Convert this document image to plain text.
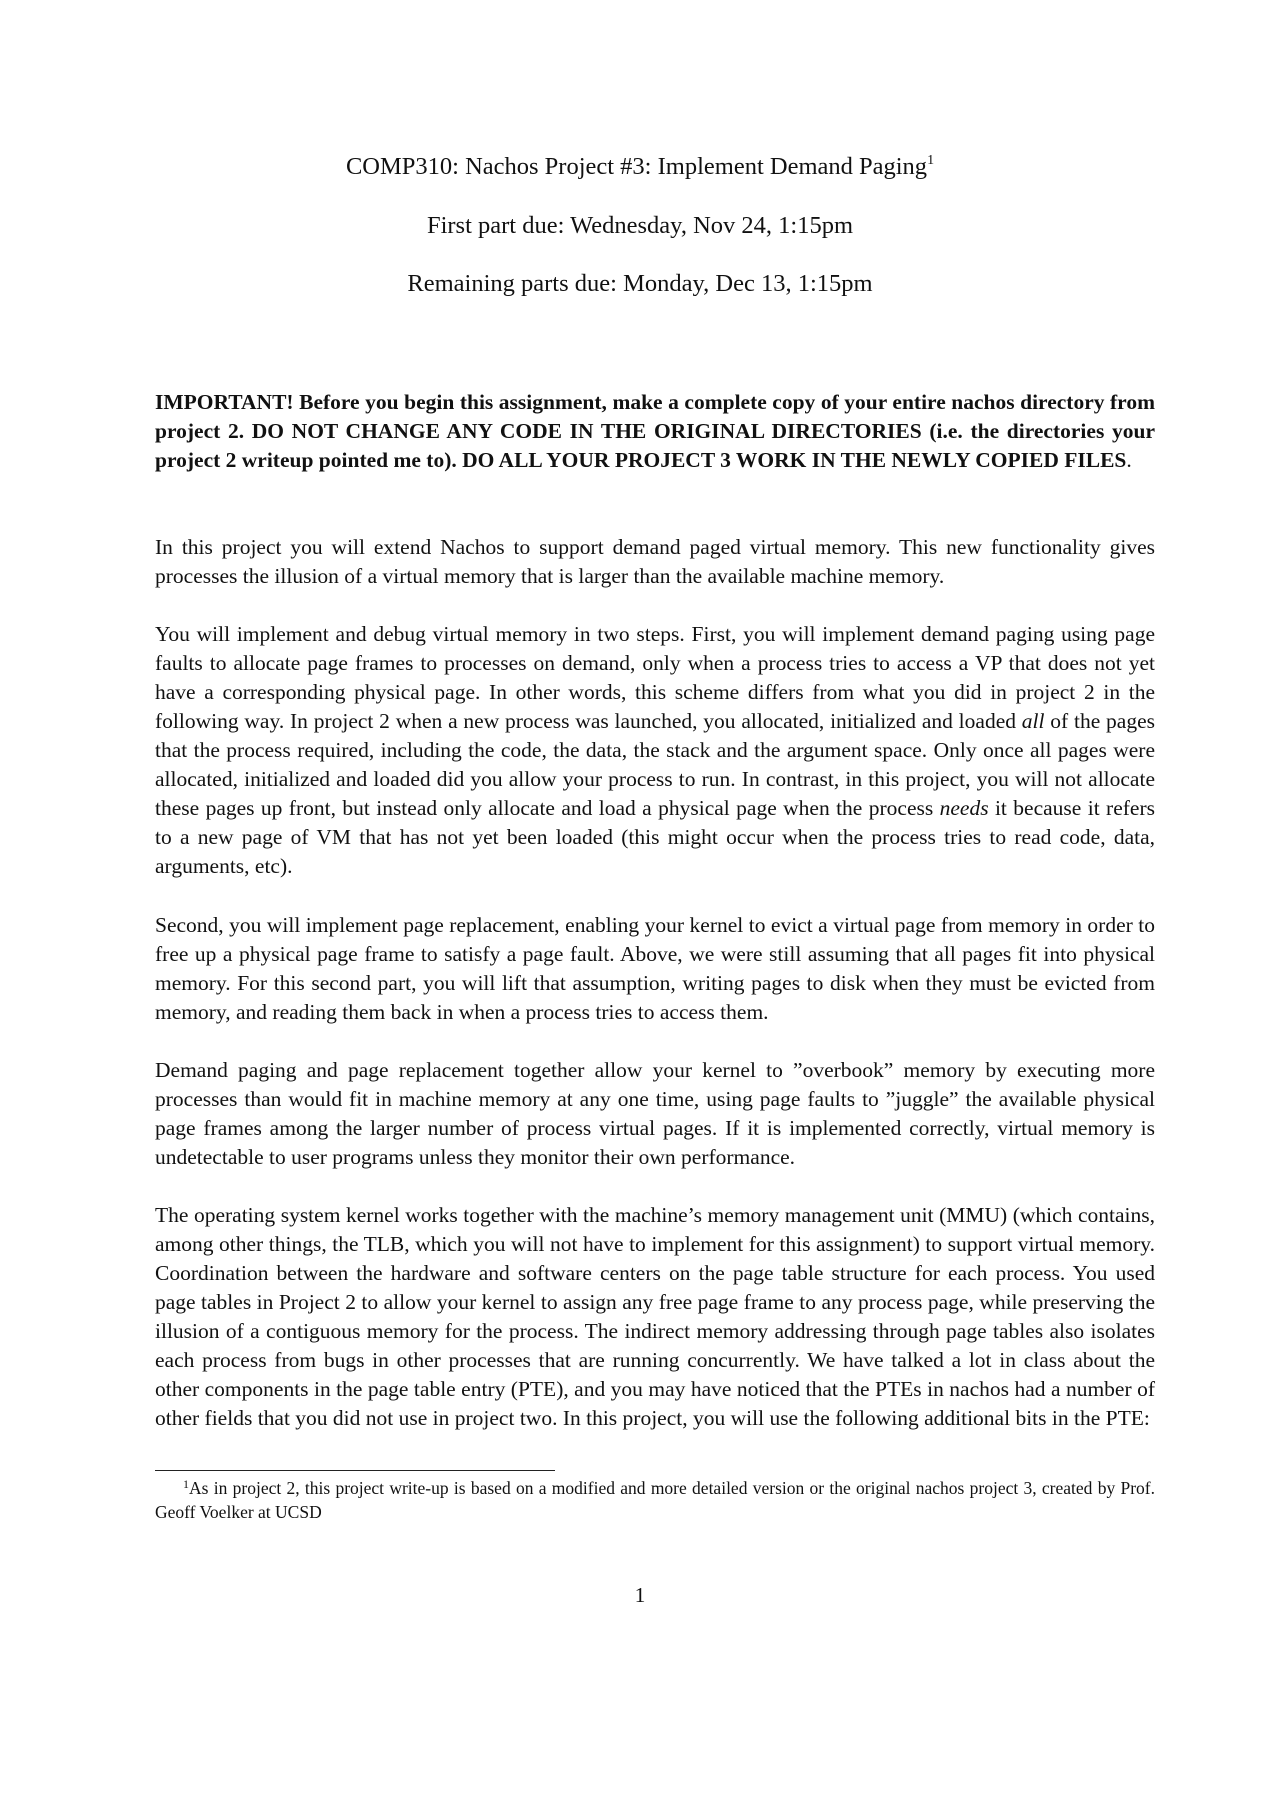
COMP310: Nachos Project #3: Implement Demand Paging$^1$
First part due: Wednesday, Nov 24, 1:15pm
Remaining parts due: Monday, Dec 13, 1:15pm

IMPORTANT! Before you begin this assignment, make a complete copy of your entire nachos directory from project 2. DO NOT CHANGE ANY CODE IN THE ORIGINAL DIRECTORIES (i.e. the directories your project 2 writeup pointed me to). DO ALL YOUR PROJECT 3 WORK IN THE NEWLY COPIED FILES.

In this project you will extend Nachos to support demand paged virtual memory. This new functionality gives processes the illusion of a virtual memory that is larger than the available machine memory.

You will implement and debug virtual memory in two steps. First, you will implement demand paging using page faults to allocate page frames to processes on demand, only when a process tries to access a VP that does not yet have a corresponding physical page. In other words, this scheme differs from what you did in project 2 in the following way. In project 2 when a new process was launched, you allocated, initialized and loaded all of the pages that the process required, including the code, the data, the stack and the argument space. Only once all pages were allocated, initialized and loaded did you allow your process to run. In contrast, in this project, you will not allocate these pages up front, but instead only allocate and load a physical page when the process needs it because it refers to a new page of VM that has not yet been loaded (this might occur when the process tries to read code, data, arguments, etc).

Second, you will implement page replacement, enabling your kernel to evict a virtual page from memory in order to free up a physical page frame to satisfy a page fault. Above, we were still assuming that all pages fit into physical memory. For this second part, you will lift that assumption, writing pages to disk when they must be evicted from memory, and reading them back in when a process tries to access them.

Demand paging and page replacement together allow your kernel to ”overbook” memory by executing more processes than would fit in machine memory at any one time, using page faults to ”juggle” the available physical page frames among the larger number of process virtual pages. If it is implemented correctly, virtual memory is undetectable to user programs unless they monitor their own performance.

The operating system kernel works together with the machine’s memory management unit (MMU) (which contains, among other things, the TLB, which you will not have to implement for this assignment) to support virtual memory. Coordination between the hardware and software centers on the page table structure for each process. You used page tables in Project 2 to allow your kernel to assign any free page frame to any process page, while preserving the illusion of a contiguous memory for the process. The indirect memory addressing through page tables also isolates each process from bugs in other processes that are running concurrently. We have talked a lot in class about the other components in the page table entry (PTE), and you may have noticed that the PTEs in nachos had a number of other fields that you did not use in project two. In this project, you will use the following additional bits in the PTE:

$^1$As in project 2, this project write-up is based on a modified and more detailed version or the original nachos project 3, created by Prof. Geoff Voelker at UCSD
1
